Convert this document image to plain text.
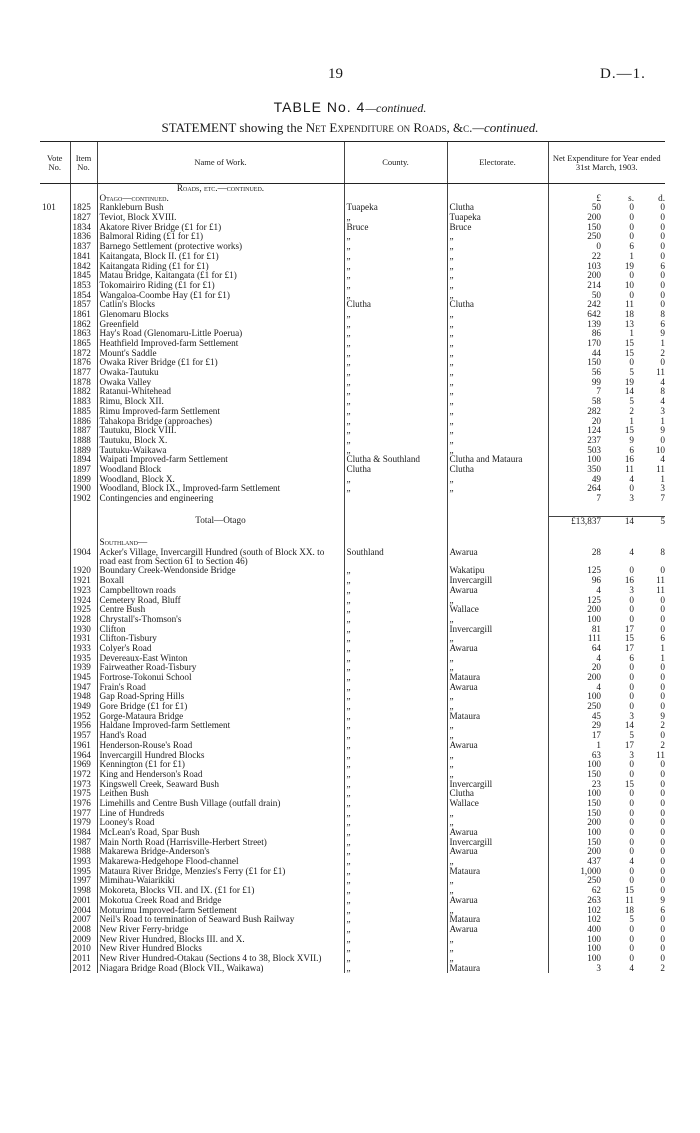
19	D.—1.
TABLE No. 4—continued.
STATEMENT showing the Net Expenditure on Roads, &c.—continued.
Vote No.	Item No.	Name of Work.	County.	Electorate.	Net Expenditure for Year ended 31st March, 1903.		
		Roads, etc.—continued.					
		Otago—continued.			£	s.	d.
101	1825	Rankleburn Bush	Tuapeka	Clutha	50	0	0
	1827	Teviot, Block XVIII.	„	Tuapeka	200	0	0
	1834	Akatore River Bridge (£1 for £1)	Bruce	Bruce	150	0	0
	1836	Balmoral Riding (£1 for £1)	„	„	250	0	0
	1837	Barnego Settlement (protective works)	„	„	0	6	0
	1841	Kaitangata, Block II. (£1 for £1)	„	„	22	1	0
	1842	Kaitangata Riding (£1 for £1)	„	„	103	19	6
	1845	Matau Bridge, Kaitangata (£1 for £1)	„	„	200	0	0
	1853	Tokomairiro Riding (£1 for £1)	„	„	214	10	0
	1854	Wangaloa-Coombe Hay (£1 for £1)	„	„	50	0	0
	1857	Catlin's Blocks	Clutha	Clutha	242	11	0
	1861	Glenomaru Blocks	„	„	642	18	8
	1862	Greenfield	„	„	139	13	6
	1863	Hay's Road (Glenomaru-Little Poerua)	„	„	86	1	9
	1865	Heathfield Improved-farm Settlement	„	„	170	15	1
	1872	Mount's Saddle	„	„	44	15	2
	1876	Owaka River Bridge (£1 for £1)	„	„	150	0	0
	1877	Owaka-Tautuku	„	„	56	5	11
	1878	Owaka Valley	„	„	99	19	4
	1882	Ratanui-Whitehead	„	„	7	14	8
	1883	Rimu, Block XII.	„	„	58	5	4
	1885	Rimu Improved-farm Settlement	„	„	282	2	3
	1886	Tahakopa Bridge (approaches)	„	„	20	1	1
	1887	Tautuku, Block VIII.	„	„	124	15	9
	1888	Tautuku, Block X.	„	„	237	9	0
	1889	Tautuku-Waikawa	„	„	503	6	10
	1894	Waipati Improved-farm Settlement	Clutha & Southland	Clutha and Mataura	100	16	4
	1897	Woodland Block	Clutha	Clutha	350	11	11
	1899	Woodland, Block X.	„	„	49	4	1
	1900	Woodland, Block IX., Improved-farm Settlement	„	„	264	0	3
	1902	Contingencies and engineering			7	3	7

		Total—Otago			£13,837	14	5

		Southland—					
	1904	Acker's Village, Invercargill Hundred (south of Block XX. to road east from Section 61 to Section 46)	Southland	Awarua	28	4	8
	1920	Boundary Creek-Wendonside Bridge	„	Wakatipu	125	0	0
	1921	Boxall	„	Invercargill	96	16	11
	1923	Campbelltown roads	„	Awarua	4	3	11
	1924	Cemetery Road, Bluff	„	„	125	0	0
	1925	Centre Bush	„	Wallace	200	0	0
	1928	Chrystall's-Thomson's	„	„	100	0	0
	1930	Clifton	„	Invercargill	81	17	0
	1931	Clifton-Tisbury	„	„	111	15	6
	1933	Colyer's Road	„	Awarua	64	17	1
	1935	Devereaux-East Winton	„	„	4	6	1
	1939	Fairweather Road-Tisbury	„	„	20	0	0
	1945	Fortrose-Tokonui School	„	Mataura	200	0	0
	1947	Frain's Road	„	Awarua	4	0	0
	1948	Gap Road-Spring Hills	„	„	100	0	0
	1949	Gore Bridge (£1 for £1)	„	„	250	0	0
	1952	Gorge-Mataura Bridge	„	Mataura	45	3	9
	1956	Haldane Improved-farm Settlement	„	„	29	14	2
	1957	Hand's Road	„	„	17	5	0
	1961	Henderson-Rouse's Road	„	Awarua	1	17	2
	1964	Invercargill Hundred Blocks	„	„	63	3	11
	1969	Kennington (£1 for £1)	„	„	100	0	0
	1972	King and Henderson's Road	„	„	150	0	0
	1973	Kingswell Creek, Seaward Bush	„	Invercargill	23	15	0
	1975	Leithen Bush	„	Clutha	100	0	0
	1976	Limehills and Centre Bush Village (outfall drain)	„	Wallace	150	0	0
	1977	Line of Hundreds	„	„	150	0	0
	1979	Looney's Road	„	„	200	0	0
	1984	McLean's Road, Spar Bush	„	Awarua	100	0	0
	1987	Main North Road (Harrisville-Herbert Street)	„	Invercargill	150	0	0
	1988	Makarewa Bridge-Anderson's	„	Awarua	200	0	0
	1993	Makarewa-Hedgehope Flood-channel	„	„	437	4	0
	1995	Mataura River Bridge, Menzies's Ferry (£1 for £1)	„	Mataura	1,000	0	0
	1997	Mimihau-Waiarikiki	„	„	250	0	0
	1998	Mokoreta, Blocks VII. and IX. (£1 for £1)	„	„	62	15	0
	2001	Mokotua Creek Road and Bridge	„	Awarua	263	11	9
	2004	Moturimu Improved-farm Settlement	„	„	102	18	6
	2007	Neil's Road to termination of Seaward Bush Railway	„	Mataura	102	5	0
	2008	New River Ferry-bridge	„	Awarua	400	0	0
	2009	New River Hundred, Blocks III. and X.	„	„	100	0	0
	2010	New River Hundred Blocks	„	„	100	0	0
	2011	New River Hundred-Otakau (Sections 4 to 38, Block XVII.)	„	„	100	0	0
	2012	Niagara Bridge Road (Block VII., Waikawa)	„	Mataura	3	4	2
